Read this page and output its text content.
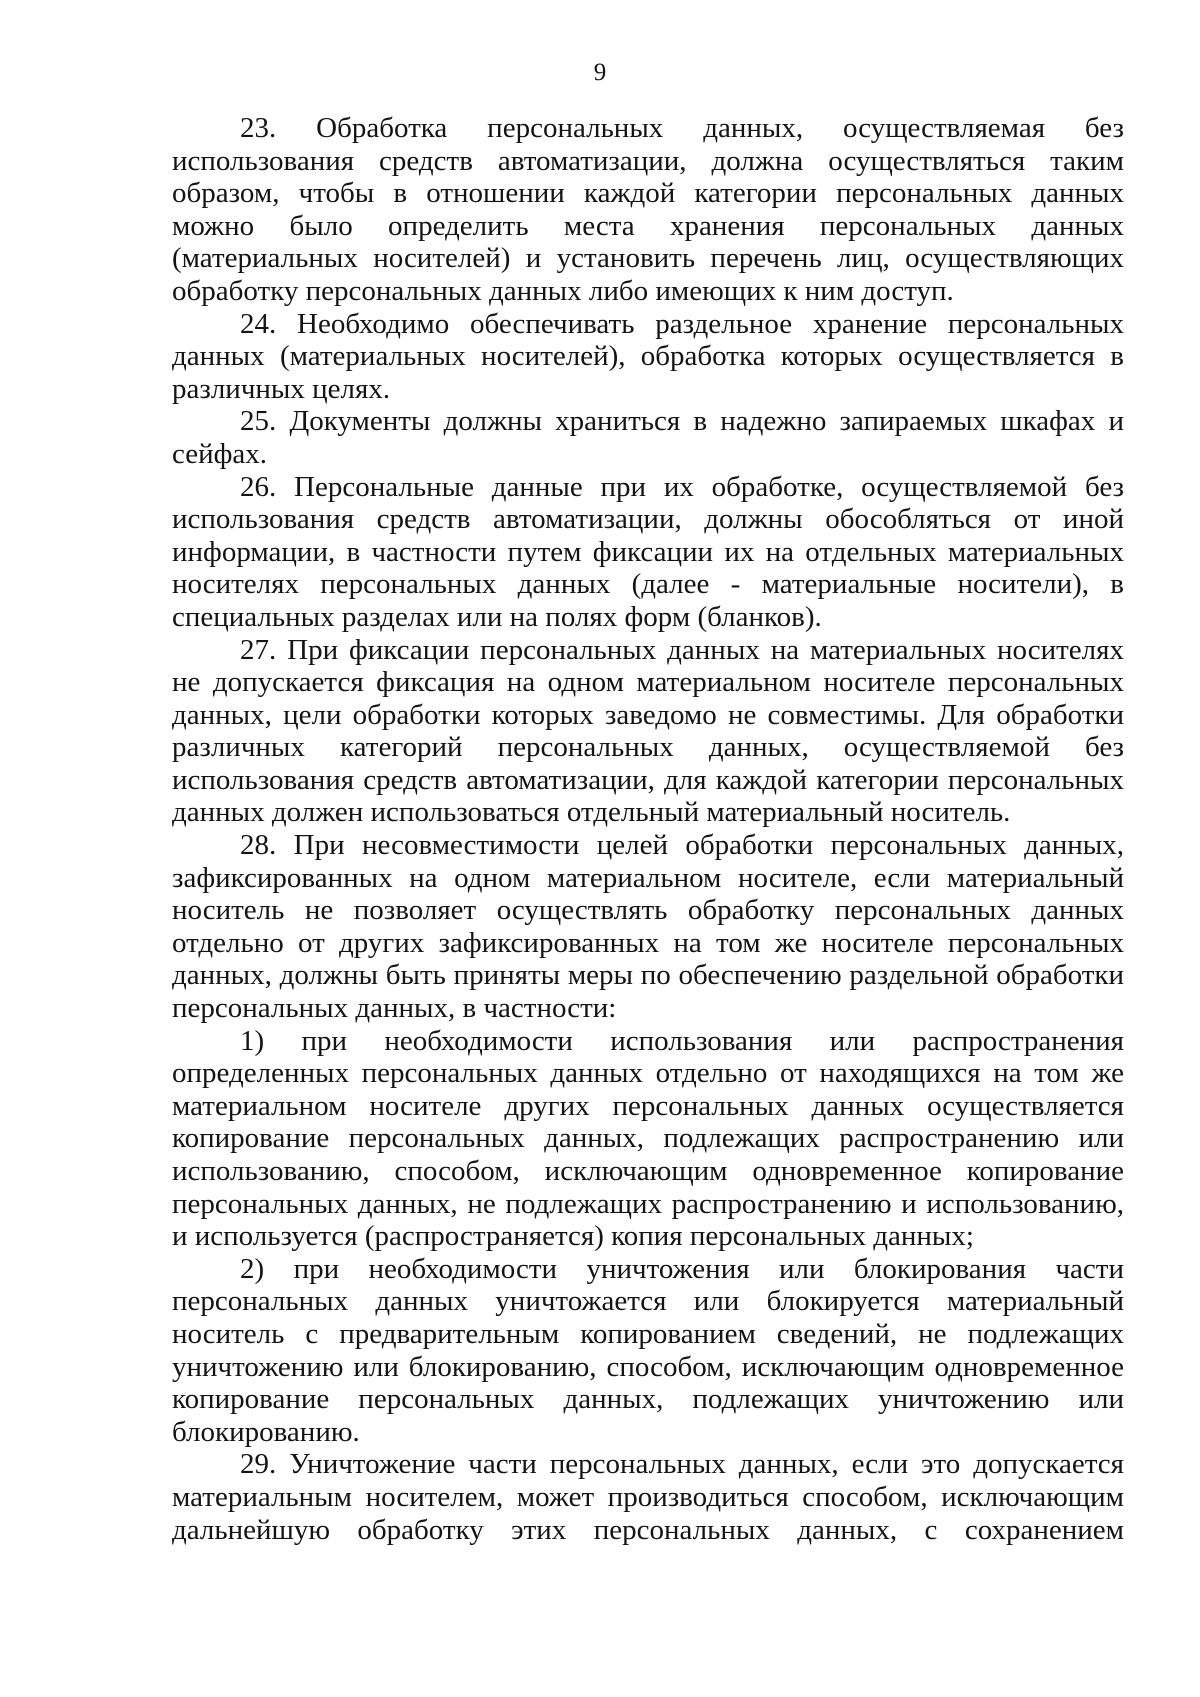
9

23. Обработка персональных данных, осуществляемая без использования средств автоматизации, должна осуществляться таким образом, чтобы в отношении каждой категории персональных данных можно было определить места хранения персональных данных (материальных носителей) и установить перечень лиц, осуществляющих обработку персональных данных либо имеющих к ним доступ.

24. Необходимо обеспечивать раздельное хранение персональных данных (материальных носителей), обработка которых осуществляется в различных целях.

25. Документы должны храниться в надежно запираемых шкафах и сейфах.

26. Персональные данные при их обработке, осуществляемой без использования средств автоматизации, должны обособляться от иной информации, в частности путем фиксации их на отдельных материальных носителях персональных данных (далее - материальные носители), в специальных разделах или на полях форм (бланков).

27. При фиксации персональных данных на материальных носителях не допускается фиксация на одном материальном носителе персональных данных, цели обработки которых заведомо не совместимы. Для обработки различных категорий персональных данных, осуществляемой без использования средств автоматизации, для каждой категории персональных данных должен использоваться отдельный материальный носитель.

28. При несовместимости целей обработки персональных данных, зафиксированных на одном материальном носителе, если материальный носитель не позволяет осуществлять обработку персональных данных отдельно от других зафиксированных на том же носителе персональных данных, должны быть приняты меры по обеспечению раздельной обработки персональных данных, в частности:

1) при необходимости использования или распространения определенных персональных данных отдельно от находящихся на том же материальном носителе других персональных данных осуществляется копирование персональных данных, подлежащих распространению или использованию, способом, исключающим одновременное копирование персональных данных, не подлежащих распространению и использованию, и используется (распространяется) копия персональных данных;

2) при необходимости уничтожения или блокирования части персональных данных уничтожается или блокируется материальный носитель с предварительным копированием сведений, не подлежащих уничтожению или блокированию, способом, исключающим одновременное копирование персональных данных, подлежащих уничтожению или блокированию.

29. Уничтожение части персональных данных, если это допускается материальным носителем, может производиться способом, исключающим дальнейшую обработку этих персональных данных, с сохранением
